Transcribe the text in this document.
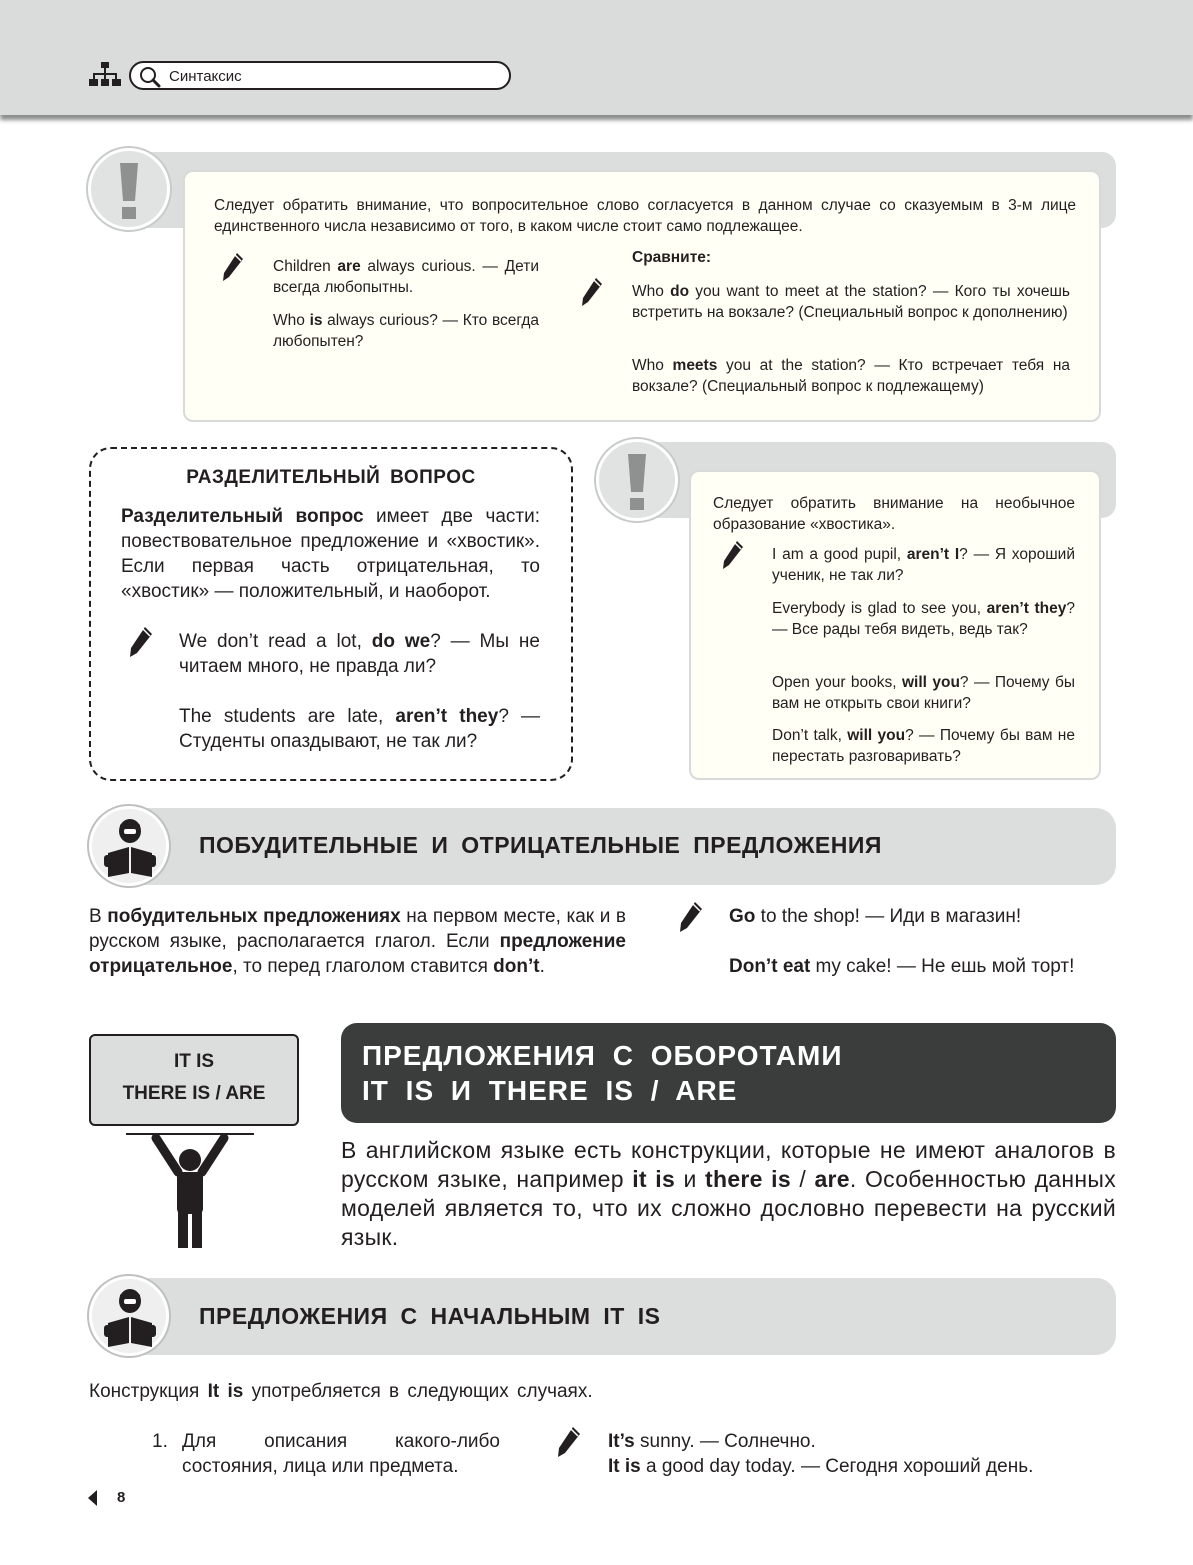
Синтаксис
Следует обратить внимание, что вопросительное слово согласуется в данном случае со сказуемым в 3-м лице единственного числа независимо от того, в каком числе стоит само подлежащее.
Children are always curious. — Дети всегда любопытны.
Who is always curious? — Кто всегда любопытен?
Сравните:
Who do you want to meet at the station? — Кого ты хочешь встретить на вокзале? (Специальный вопрос к дополнению)
Who meets you at the station? — Кто встречает тебя на вокзале? (Специальный вопрос к подлежащему)
РАЗДЕЛИТЕЛЬНЫЙ ВОПРОС
Разделительный вопрос имеет две части: повествовательное предложение и «хвостик». Если первая часть отрицательная, то «хвостик» — положительный, и наоборот.
We don’t read a lot, do we? — Мы не читаем много, не правда ли?
The students are late, aren’t they? — Студенты опаздывают, не так ли?
Следует обратить внимание на необычное образование «хвостика».
I am a good pupil, aren’t I? — Я хороший ученик, не так ли?
Everybody is glad to see you, aren’t they? — Все рады тебя видеть, ведь так?
Open your books, will you? — Почему бы вам не открыть свои книги?
Don’t talk, will you? — Почему бы вам не перестать разговаривать?
ПОБУДИТЕЛЬНЫЕ И ОТРИЦАТЕЛЬНЫЕ ПРЕДЛОЖЕНИЯ
В побудительных предложениях на первом месте, как и в русском языке, располагается глагол. Если предложение отрицательное, то перед глаголом ставится don’t.
Go to the shop! — Иди в магазин!
Don’t eat my cake! — Не ешь мой торт!
IT IS
THERE IS / ARE
ПРЕДЛОЖЕНИЯ С ОБОРОТАМИ
IT IS И THERE IS / ARE
В английском языке есть конструкции, которые не имеют аналогов в русском языке, например it is и there is / are. Особенностью данных моделей является то, что их сложно дословно перевести на русский язык.
ПРЕДЛОЖЕНИЯ С НАЧАЛЬНЫМ IT IS
Конструкция It is употребляется в следующих случаях.
1. Для описания какого-либо состояния, лица или предмета.
It’s sunny. — Солнечно.
It is a good day today. — Сегодня хороший день.
8
